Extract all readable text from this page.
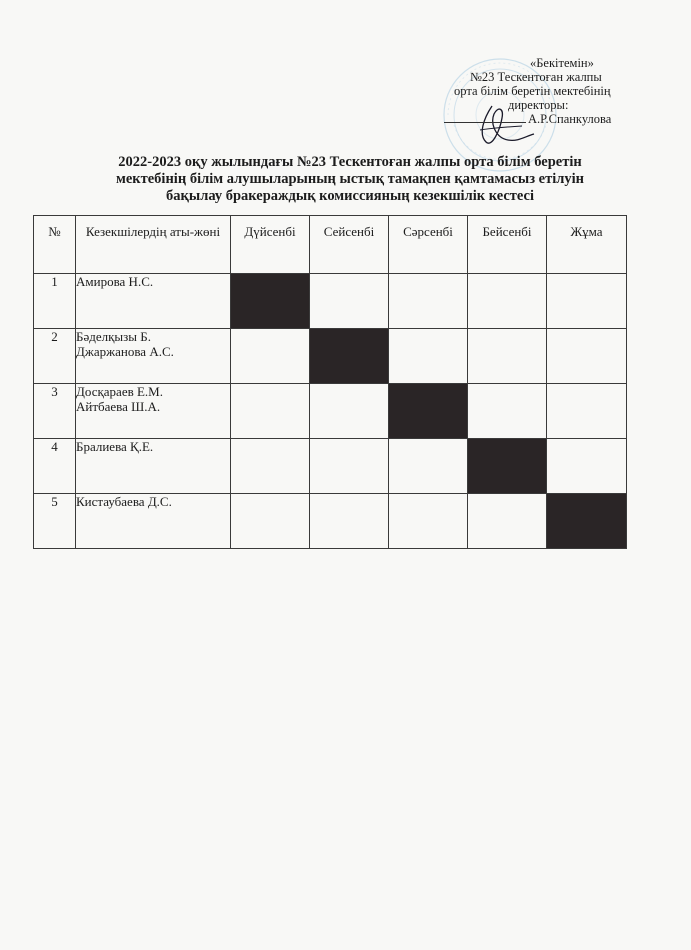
«Бекітемін»
№23 Тескентоған жалпы
орта білім беретін мектебінің
директоры:
А.Р.Спанкулова
2022-2023 оқу жылындағы №23 Тескентоған жалпы орта білім беретін
мектебінің білім алушыларының ыстық тамақпен қамтамасыз етілуін
бақылау бракераждық комиссияның кезекшілік кестесі
№	Кезекшілердің аты-жөні	Дүйсенбі	Сейсенбі	Сәрсенбі	Бейсенбі	Жұма
1	Амирова Н.С.					

2	Бәделқызы Б.
Джаржанова А.С.					

3	Досқараев Е.М.
Айтбаева Ш.А.					

4	Бралиева Қ.Е.					

5	Кистаубаева Д.С.					
